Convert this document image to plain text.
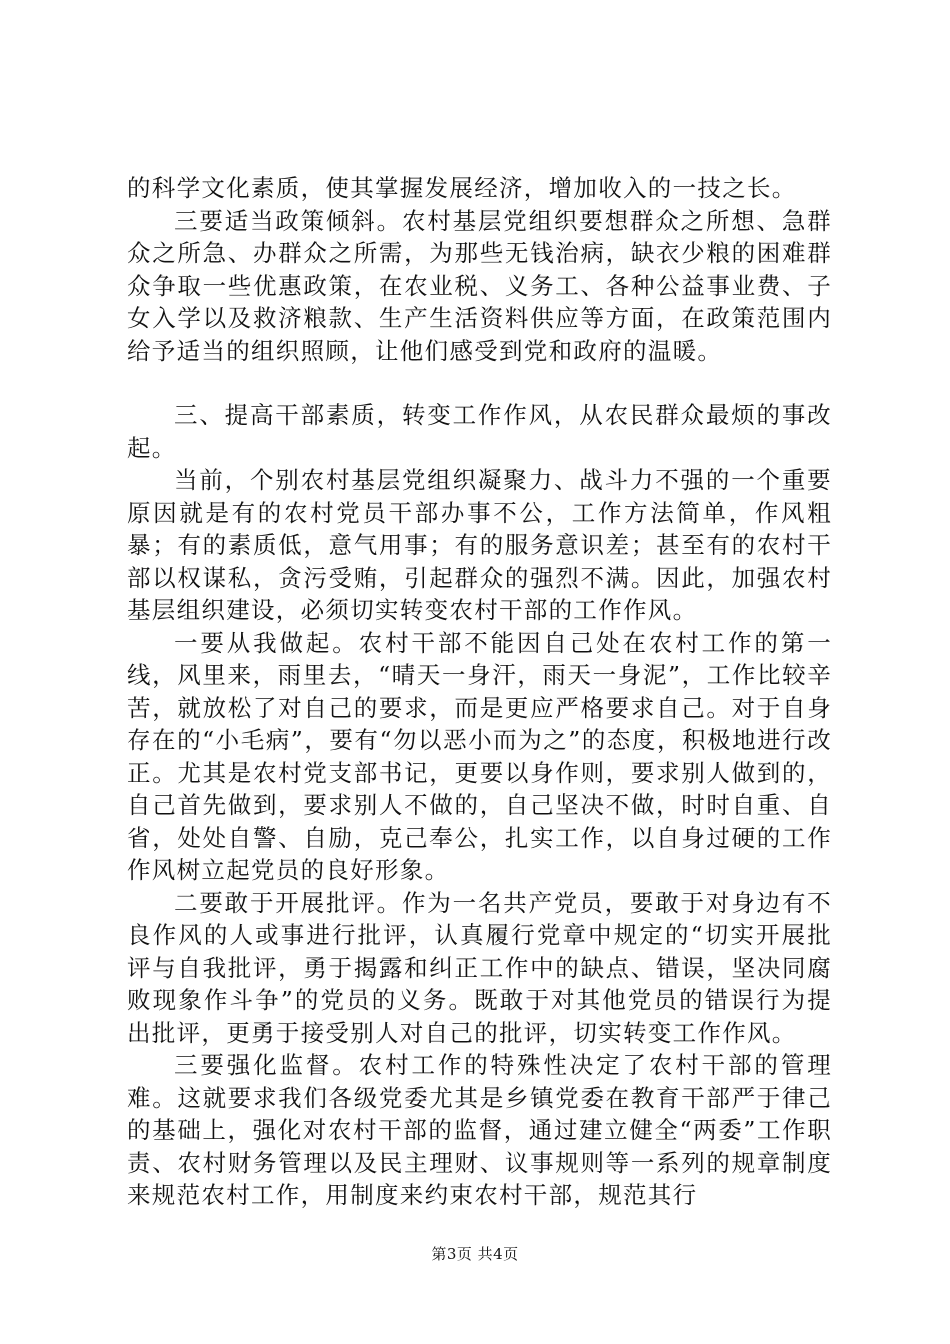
的科学文化素质，使其掌握发展经济，增加收入的一技之长。

三要适当政策倾斜。农村基层党组织要想群众之所想、急群众之所急、办群众之所需，为那些无钱治病，缺衣少粮的困难群众争取一些优惠政策，在农业税、义务工、各种公益事业费、子女入学以及救济粮款、生产生活资料供应等方面，在政策范围内给予适当的组织照顾，让他们感受到党和政府的温暖。

三、提高干部素质，转变工作作风，从农民群众最烦的事改起。

当前，个别农村基层党组织凝聚力、战斗力不强的一个重要原因就是有的农村党员干部办事不公，工作方法简单，作风粗暴；有的素质低，意气用事；有的服务意识差；甚至有的农村干部以权谋私，贪污受贿，引起群众的强烈不满。因此，加强农村基层组织建设，必须切实转变农村干部的工作作风。

一要从我做起。农村干部不能因自己处在农村工作的第一线，风里来，雨里去，“晴天一身汗，雨天一身泥”，工作比较辛苦，就放松了对自己的要求，而是更应严格要求自己。对于自身存在的“小毛病”，要有“勿以恶小而为之”的态度，积极地进行改正。尤其是农村党支部书记，更要以身作则，要求别人做到的，自己首先做到，要求别人不做的，自己坚决不做，时时自重、自省，处处自警、自励，克己奉公，扎实工作，以自身过硬的工作作风树立起党员的良好形象。

二要敢于开展批评。作为一名共产党员，要敢于对身边有不良作风的人或事进行批评，认真履行党章中规定的“切实开展批评与自我批评，勇于揭露和纠正工作中的缺点、错误，坚决同腐败现象作斗争”的党员的义务。既敢于对其他党员的错误行为提出批评，更勇于接受别人对自己的批评，切实转变工作作风。

三要强化监督。农村工作的特殊性决定了农村干部的管理难。这就要求我们各级党委尤其是乡镇党委在教育干部严于律己的基础上，强化对农村干部的监督，通过建立健全“两委”工作职责、农村财务管理以及民主理财、议事规则等一系列的规章制度来规范农村工作，用制度来约束农村干部，规范其行

第3页 共4页
